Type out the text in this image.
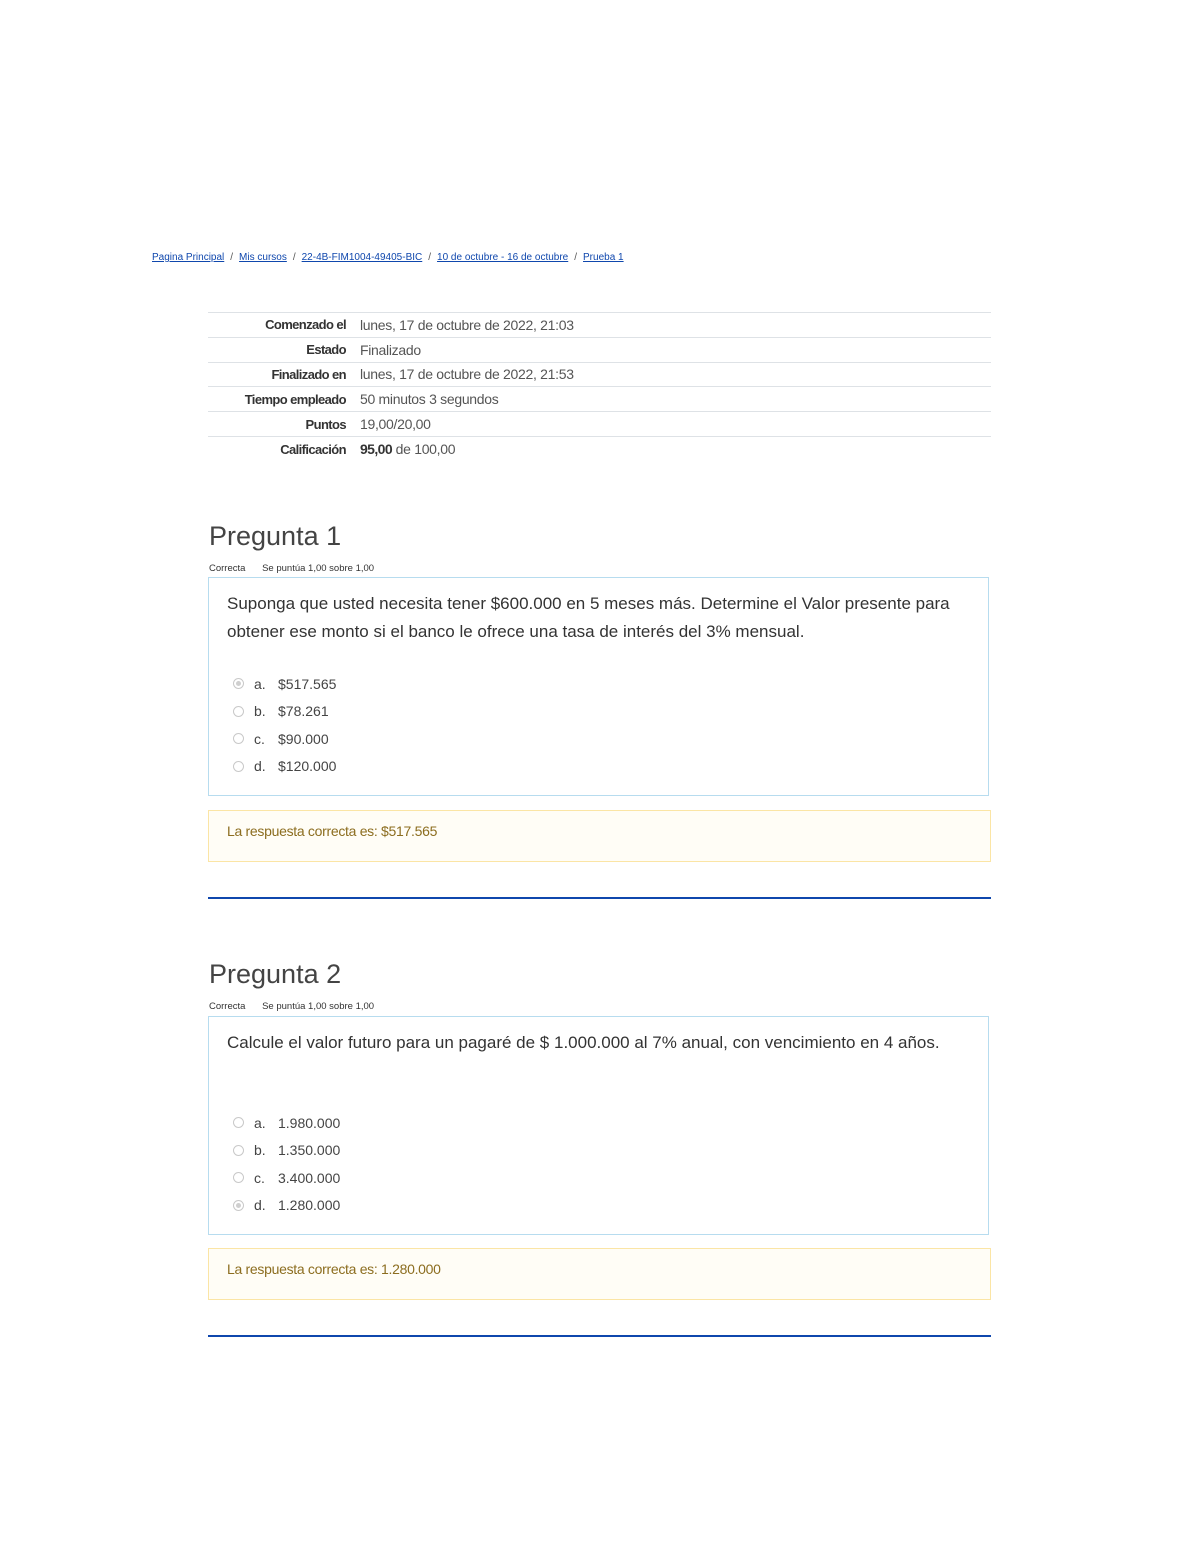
Pagina Principal / Mis cursos / 22-4B-FIM1004-49405-BIC / 10 de octubre - 16 de octubre / Prueba 1
Comenzado el	lunes, 17 de octubre de 2022, 21:03
Estado	Finalizado
Finalizado en	lunes, 17 de octubre de 2022, 21:53
Tiempo empleado	50 minutos 3 segundos
Puntos	19,00/20,00
Calificación	95,00 de 100,00
Pregunta 1
Correcta Se puntúa 1,00 sobre 1,00
Suponga que usted necesita tener $600.000 en 5 meses más. Determine el Valor presente para obtener ese monto si el banco le ofrece una tasa de interés del 3% mensual.
a. $517.565
b. $78.261
c. $90.000
d. $120.000
La respuesta correcta es: $517.565
Pregunta 2
Correcta Se puntúa 1,00 sobre 1,00
Calcule el valor futuro para un pagaré de $ 1.000.000 al 7% anual, con vencimiento en 4 años.
a. 1.980.000
b. 1.350.000
c. 3.400.000
d. 1.280.000
La respuesta correcta es: 1.280.000
